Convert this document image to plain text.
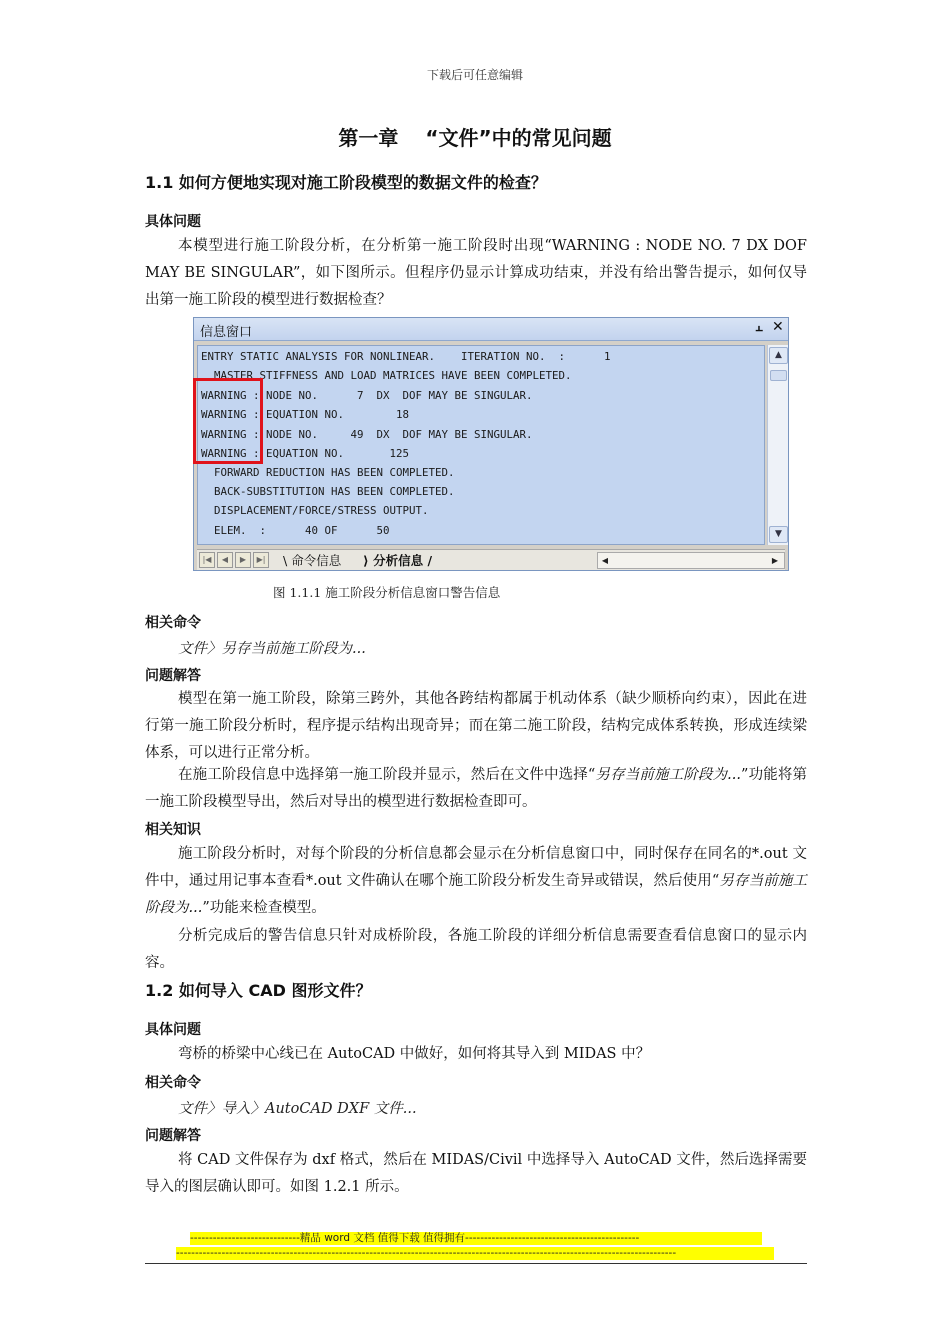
下载后可任意编辑
第一章　 “文件”中的常见问题
1.1 如何方便地实现对施工阶段模型的数据文件的检查？
具体问题
本模型进行施工阶段分析，在分析第一施工阶段时出现“WARNING : NODE NO. 7 DX DOF MAY BE SINGULAR”，如下图所示。但程序仍显示计算成功结束，并没有给出警告提示，如何仅导出第一施工阶段的模型进行数据检查？
信息窗口	⫠ ✕
ENTRY STATIC ANALYSIS FOR NONLINEAR.    ITERATION NO.  :      1
MASTER STIFFNESS AND LOAD MATRICES HAVE BEEN COMPLETED.
WARNING : NODE NO.      7  DX  DOF MAY BE SINGULAR.
WARNING : EQUATION NO.        18
WARNING : NODE NO.     49  DX  DOF MAY BE SINGULAR.
WARNING : EQUATION NO.       125
FORWARD REDUCTION HAS BEEN COMPLETED.
BACK-SUBSTITUTION HAS BEEN COMPLETED.
DISPLACEMENT/FORCE/STRESS OUTPUT.
ELEM.  :      40 OF      50
▲
▼
|◀	◀	▶	▶| \ 命令信息 ⟩ 分析信息 /	◀	▶
图 1.1.1 施工阶段分析信息窗口警告信息
相关命令
文件〉另存当前施工阶段为...
问题解答
模型在第一施工阶段，除第三跨外，其他各跨结构都属于机动体系（缺少顺桥向约束），因此在进行第一施工阶段分析时，程序提示结构出现奇异；而在第二施工阶段，结构完成体系转换，形成连续梁体系，可以进行正常分析。
在施工阶段信息中选择第一施工阶段并显示，然后在文件中选择“另存当前施工阶段为...”功能将第一施工阶段模型导出，然后对导出的模型进行数据检查即可。
相关知识
施工阶段分析时，对每个阶段的分析信息都会显示在分析信息窗口中，同时保存在同名的*.out 文件中，通过用记事本查看*.out 文件确认在哪个施工阶段分析发生奇异或错误，然后使用“另存当前施工阶段为...”功能来检查模型。
分析完成后的警告信息只针对成桥阶段，各施工阶段的详细分析信息需要查看信息窗口的显示内容。
1.2 如何导入 CAD 图形文件？
具体问题
弯桥的桥梁中心线已在 AutoCAD 中做好，如何将其导入到 MIDAS 中？
相关命令
文件〉导入〉AutoCAD DXF 文件...
问题解答
将 CAD 文件保存为 dxf 格式，然后在 MIDAS/Civil 中选择导入 AutoCAD 文件，然后选择需要导入的图层确认即可。如图 1.2.1 所示。
-----------------------------精品 word 文档 值得下载 值得拥有----------------------------------------------
------------------------------------------------------------------------------------------------------------------------------------
